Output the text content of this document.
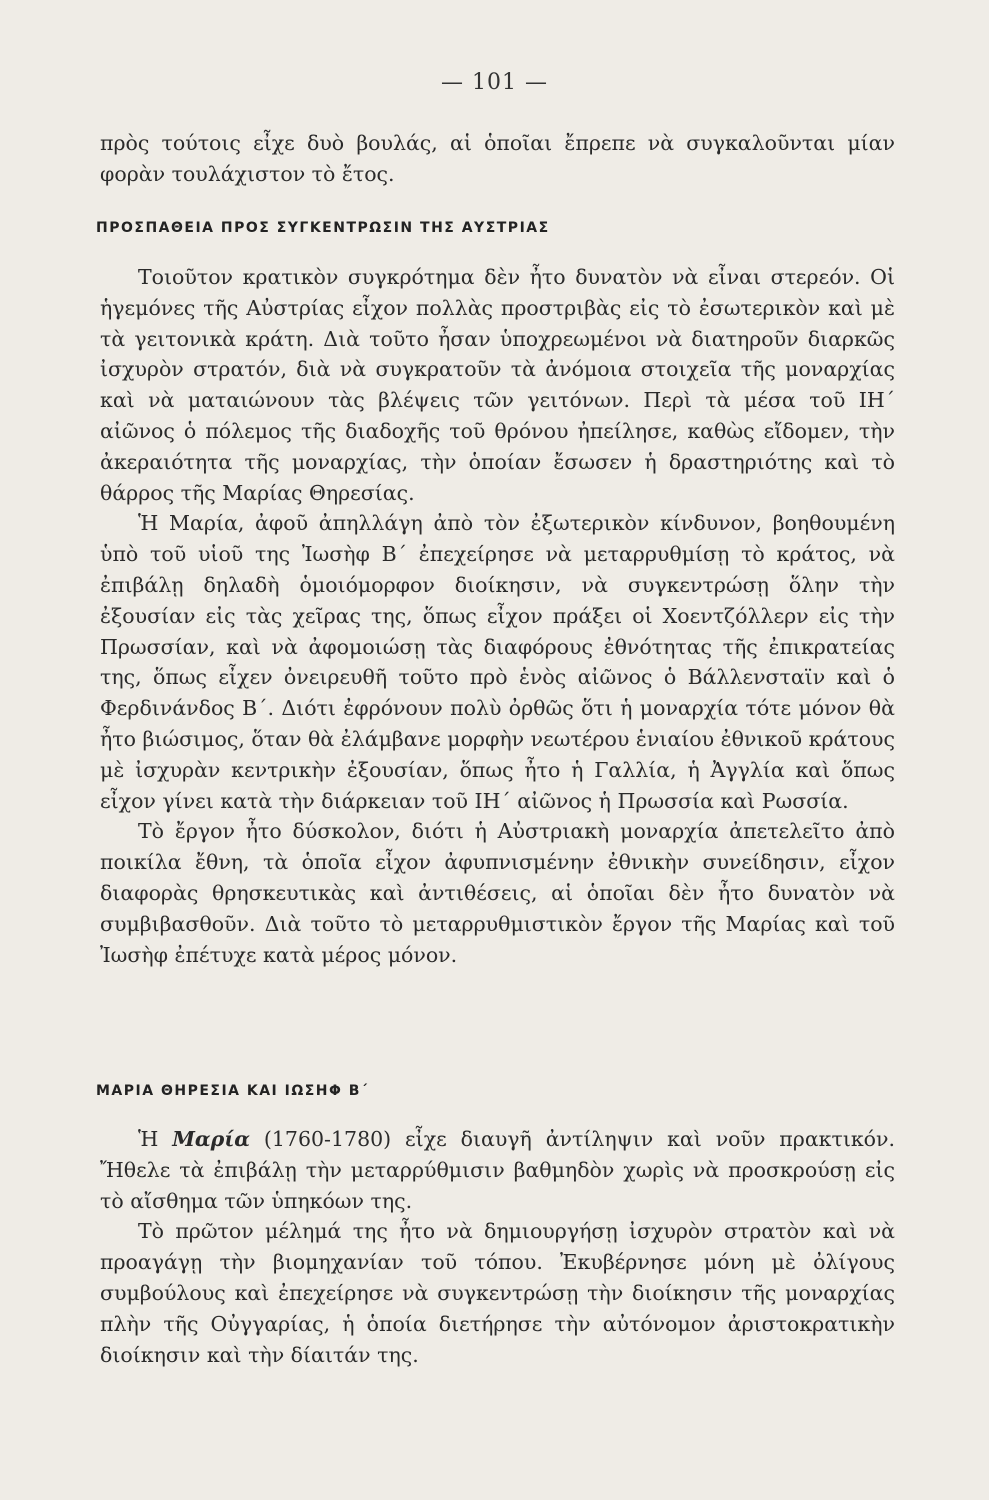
— 101 —

πρὸς τούτοις εἶχε δυὸ βουλάς, αἱ ὁποῖαι ἔπρεπε νὰ συγκαλοῦνται μίαν φορὰν τουλάχιστον τὸ ἔτος.

ΠΡΟΣΠΑΘΕΙΑ ΠΡΟΣ ΣΥΓΚΕΝΤΡΩΣΙΝ ΤΗΣ ΑΥΣΤΡΙΑΣ

Τοιοῦτον κρατικὸν συγκρότημα δὲν ἦτο δυνατὸν νὰ εἶναι στερεόν. Οἱ ἡγεμόνες τῆς Αὐστρίας εἶχον πολλὰς προστριβὰς εἰς τὸ ἐσωτερικὸν καὶ μὲ τὰ γειτονικὰ κράτη. Διὰ τοῦτο ἦσαν ὑποχρεωμένοι νὰ διατηροῦν διαρκῶς ἰσχυρὸν στρατόν, διὰ νὰ συγκρατοῦν τὰ ἀνόμοια στοιχεῖα τῆς μοναρχίας καὶ νὰ ματαιώνουν τὰς βλέψεις τῶν γειτόνων. Περὶ τὰ μέσα τοῦ ΙΗ΄ αἰῶνος ὁ πόλεμος τῆς διαδοχῆς τοῦ θρόνου ἠπείλησε, καθὼς εἴδομεν, τὴν ἀκεραιότητα τῆς μοναρχίας, τὴν ὁποίαν ἔσωσεν ἡ δραστηριότης καὶ τὸ θάρρος τῆς Μαρίας Θηρεσίας.

Ἡ Μαρία, ἀφοῦ ἀπηλλάγη ἀπὸ τὸν ἐξωτερικὸν κίνδυνον, βοηθουμένη ὑπὸ τοῦ υἱοῦ της Ἰωσὴφ Β΄ ἐπεχείρησε νὰ μεταρρυθμίσῃ τὸ κράτος, νὰ ἐπιβάλῃ δηλαδὴ ὁμοιόμορφον διοίκησιν, νὰ συγκεντρώσῃ ὅλην τὴν ἐξουσίαν εἰς τὰς χεῖρας της, ὅπως εἶχον πράξει οἱ Χοεντζόλλερν εἰς τὴν Πρωσσίαν, καὶ νὰ ἀφομοιώσῃ τὰς διαφόρους ἐθνότητας τῆς ἐπικρατείας της, ὅπως εἶχεν ὀνειρευθῆ τοῦτο πρὸ ἑνὸς αἰῶνος ὁ Βάλλενσταϊν καὶ ὁ Φερδινάνδος Β΄. Διότι ἐφρόνουν πολὺ ὀρθῶς ὅτι ἡ μοναρχία τότε μόνον θὰ ἦτο βιώσιμος, ὅταν θὰ ἐλάμβανε μορφὴν νεωτέρου ἑνιαίου ἐθνικοῦ κράτους μὲ ἰσχυρὰν κεντρικὴν ἐξουσίαν, ὅπως ἦτο ἡ Γαλλία, ἡ Ἀγγλία καὶ ὅπως εἶχον γίνει κατὰ τὴν διάρκειαν τοῦ ΙΗ΄ αἰῶνος ἡ Πρωσσία καὶ Ρωσσία.

Τὸ ἔργον ἦτο δύσκολον, διότι ἡ Αὐστριακὴ μοναρχία ἀπετελεῖτο ἀπὸ ποικίλα ἔθνη, τὰ ὁποῖα εἶχον ἀφυπνισμένην ἐθνικὴν συνείδησιν, εἶχον διαφορὰς θρησκευτικὰς καὶ ἀντιθέσεις, αἱ ὁποῖαι δὲν ἦτο δυνατὸν νὰ συμβιβασθοῦν. Διὰ τοῦτο τὸ μεταρρυθμιστικὸν ἔργον τῆς Μαρίας καὶ τοῦ Ἰωσὴφ ἐπέτυχε κατὰ μέρος μόνον.

ΜΑΡΙΑ ΘΗΡΕΣΙΑ ΚΑΙ ΙΩΣΗΦ Β΄

Ἡ Μαρία (1760-1780) εἶχε διαυγῆ ἀντίληψιν καὶ νοῦν πρακτικόν. Ἤθελε τὰ ἐπιβάλῃ τὴν μεταρρύθμισιν βαθμηδὸν χωρὶς νὰ προσκρούσῃ εἰς τὸ αἴσθημα τῶν ὑπηκόων της.

Τὸ πρῶτον μέλημά της ἦτο νὰ δημιουργήσῃ ἰσχυρὸν στρατὸν καὶ νὰ προαγάγῃ τὴν βιομηχανίαν τοῦ τόπου. Ἐκυβέρνησε μόνη μὲ ὀλίγους συμβούλους καὶ ἐπεχείρησε νὰ συγκεντρώσῃ τὴν διοίκησιν τῆς μοναρχίας πλὴν τῆς Οὐγγαρίας, ἡ ὁποία διετήρησε τὴν αὐτόνομον ἀριστοκρατικὴν διοίκησιν καὶ τὴν δίαιτάν της.
